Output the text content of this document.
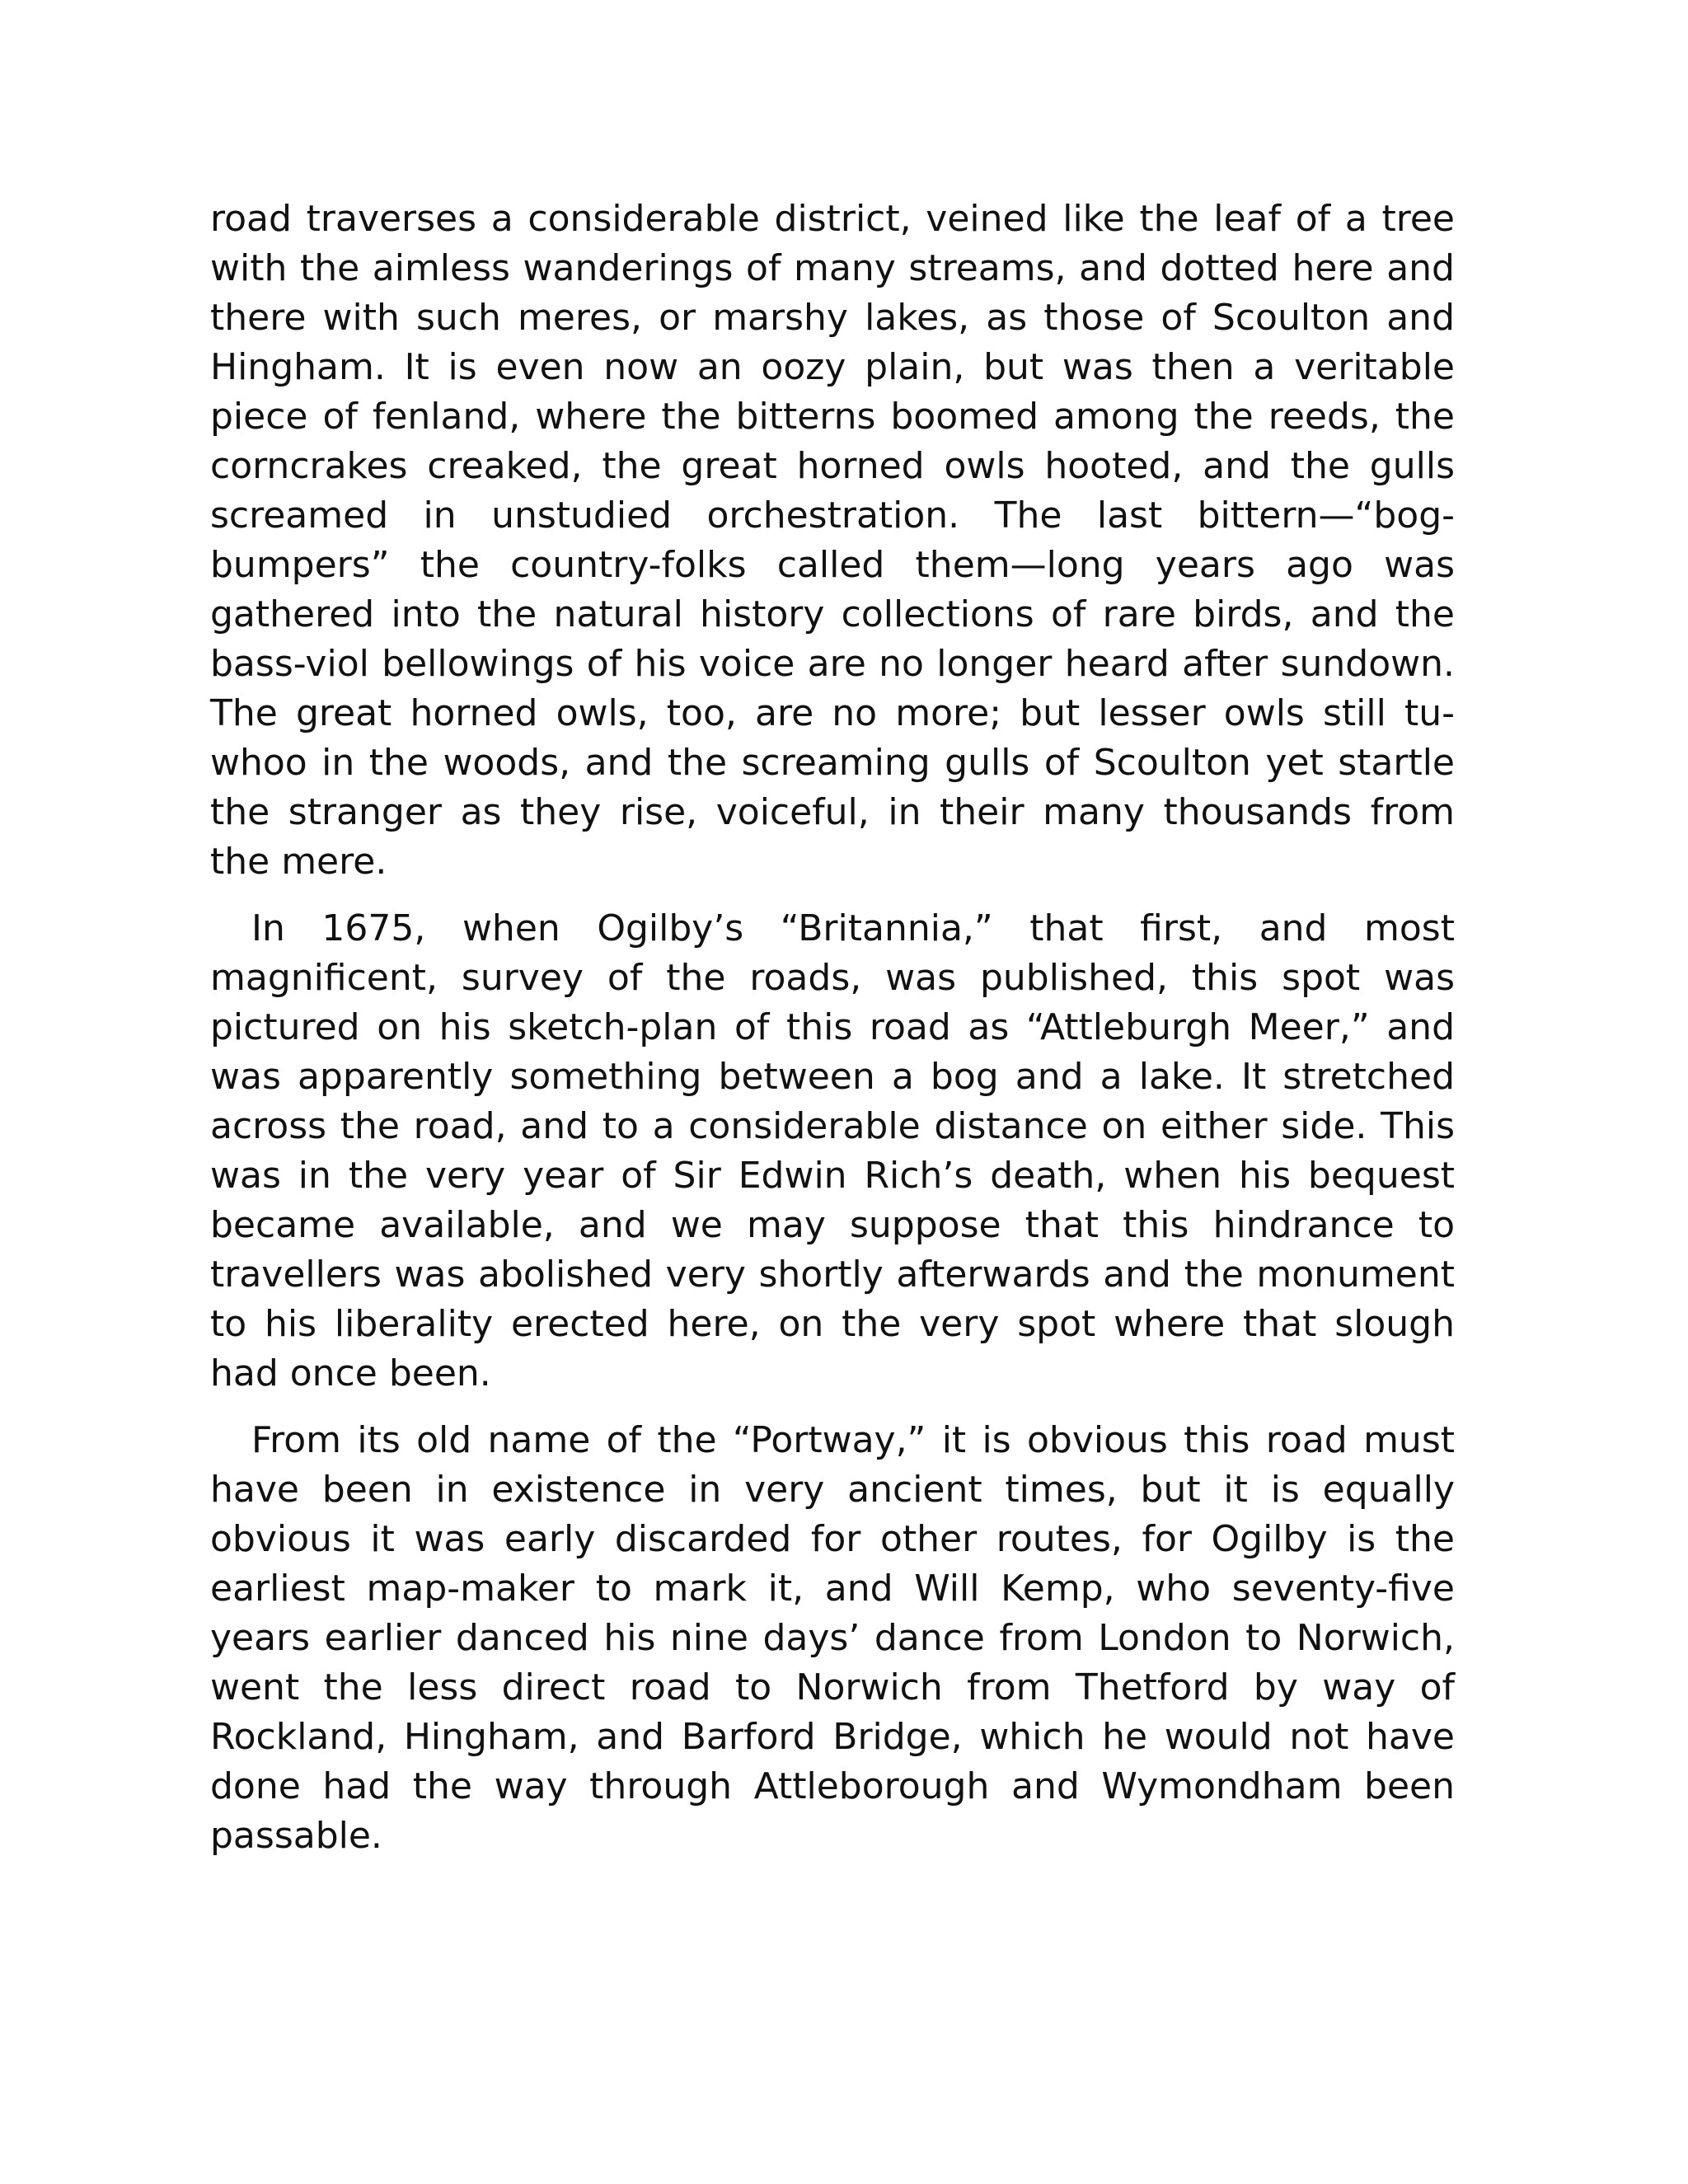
road traverses a considerable district, veined like the leaf of a tree with the aimless wanderings of many streams, and dotted here and there with such meres, or marshy lakes, as those of Scoulton and Hingham. It is even now an oozy plain, but was then a veritable piece of fenland, where the bitterns boomed among the reeds, the corncrakes creaked, the great horned owls hooted, and the gulls screamed in unstudied orchestration. The last bittern—“bog-bumpers” the country-folks called them—long years ago was gathered into the natural history collections of rare birds, and the bass-viol bellowings of his voice are no longer heard after sundown. The great horned owls, too, are no more; but lesser owls still tu-whoo in the woods, and the screaming gulls of Scoulton yet startle the stranger as they rise, voiceful, in their many thousands from the mere.

In 1675, when Ogilby’s “Britannia,” that first, and most magnificent, survey of the roads, was published, this spot was pictured on his sketch-plan of this road as “Attleburgh Meer,” and was apparently something between a bog and a lake. It stretched across the road, and to a considerable distance on either side. This was in the very year of Sir Edwin Rich’s death, when his bequest became available, and we may suppose that this hindrance to travellers was abolished very shortly afterwards and the monument to his liberality erected here, on the very spot where that slough had once been.

From its old name of the “Portway,” it is obvious this road must have been in existence in very ancient times, but it is equally obvious it was early discarded for other routes, for Ogilby is the earliest map-maker to mark it, and Will Kemp, who seventy-five years earlier danced his nine days’ dance from London to Norwich, went the less direct road to Norwich from Thetford by way of Rockland, Hingham, and Barford Bridge, which he would not have done had the way through Attleborough and Wymondham been passable.
